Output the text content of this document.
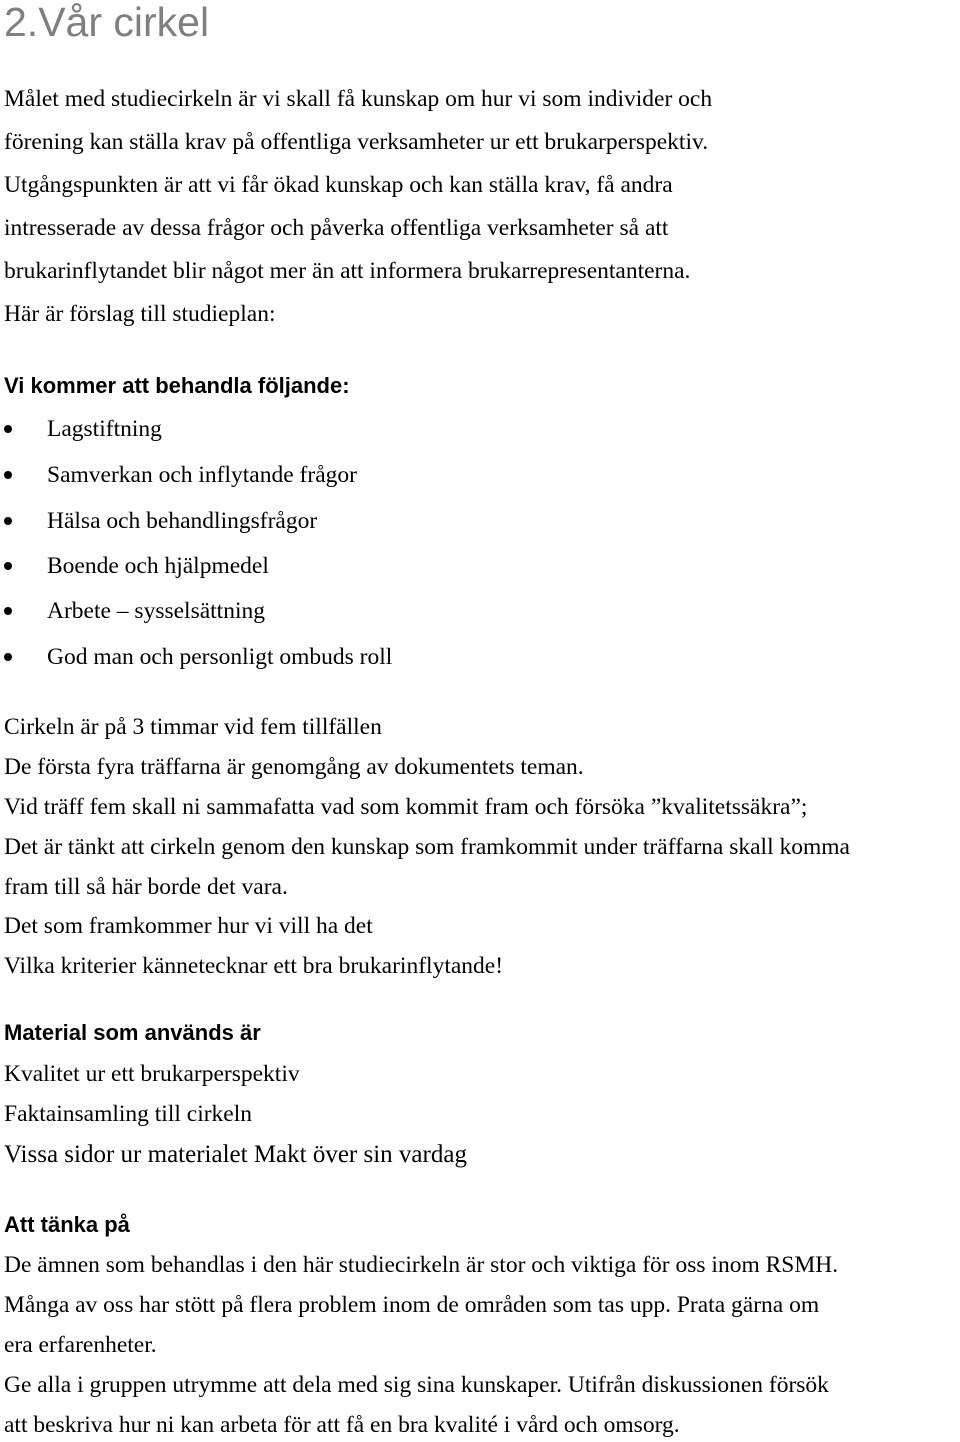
2.Vår cirkel

Målet med studiecirkeln är vi skall få kunskap om hur vi som individer och

förening kan ställa krav på offentliga verksamheter ur ett brukarperspektiv.

Utgångspunkten är att vi får ökad kunskap och kan ställa krav, få andra

intresserade av dessa frågor och påverka offentliga verksamheter så att

brukarinflytandet blir något mer än att informera brukarrepresentanterna.

Här är förslag till studieplan:

Vi kommer att behandla följande:
Lagstiftning
Samverkan och inflytande frågor
Hälsa och behandlingsfrågor
Boende och hjälpmedel
Arbete – sysselsättning
God man och personligt ombuds roll

Cirkeln är på 3 timmar vid fem tillfällen

De första fyra träffarna är genomgång av dokumentets teman.

Vid träff fem skall ni sammafatta vad som kommit fram och försöka ”kvalitetssäkra”;

Det är tänkt att cirkeln genom den kunskap som framkommit under träffarna skall komma

fram till så här borde det vara.

Det som framkommer hur vi vill ha det

Vilka kriterier kännetecknar ett bra brukarinflytande!

Material som används är

Kvalitet ur ett brukarperspektiv

Faktainsamling till cirkeln

Vissa sidor ur materialet Makt över sin vardag

Att tänka på

De ämnen som behandlas i den här studiecirkeln är stor och viktiga för oss inom RSMH.

Många av oss har stött på flera problem inom de områden som tas upp. Prata gärna om

era erfarenheter.

Ge alla i gruppen utrymme att dela med sig sina kunskaper. Utifrån diskussionen försök

att beskriva hur ni kan arbeta för att få en bra kvalité i vård och omsorg.
